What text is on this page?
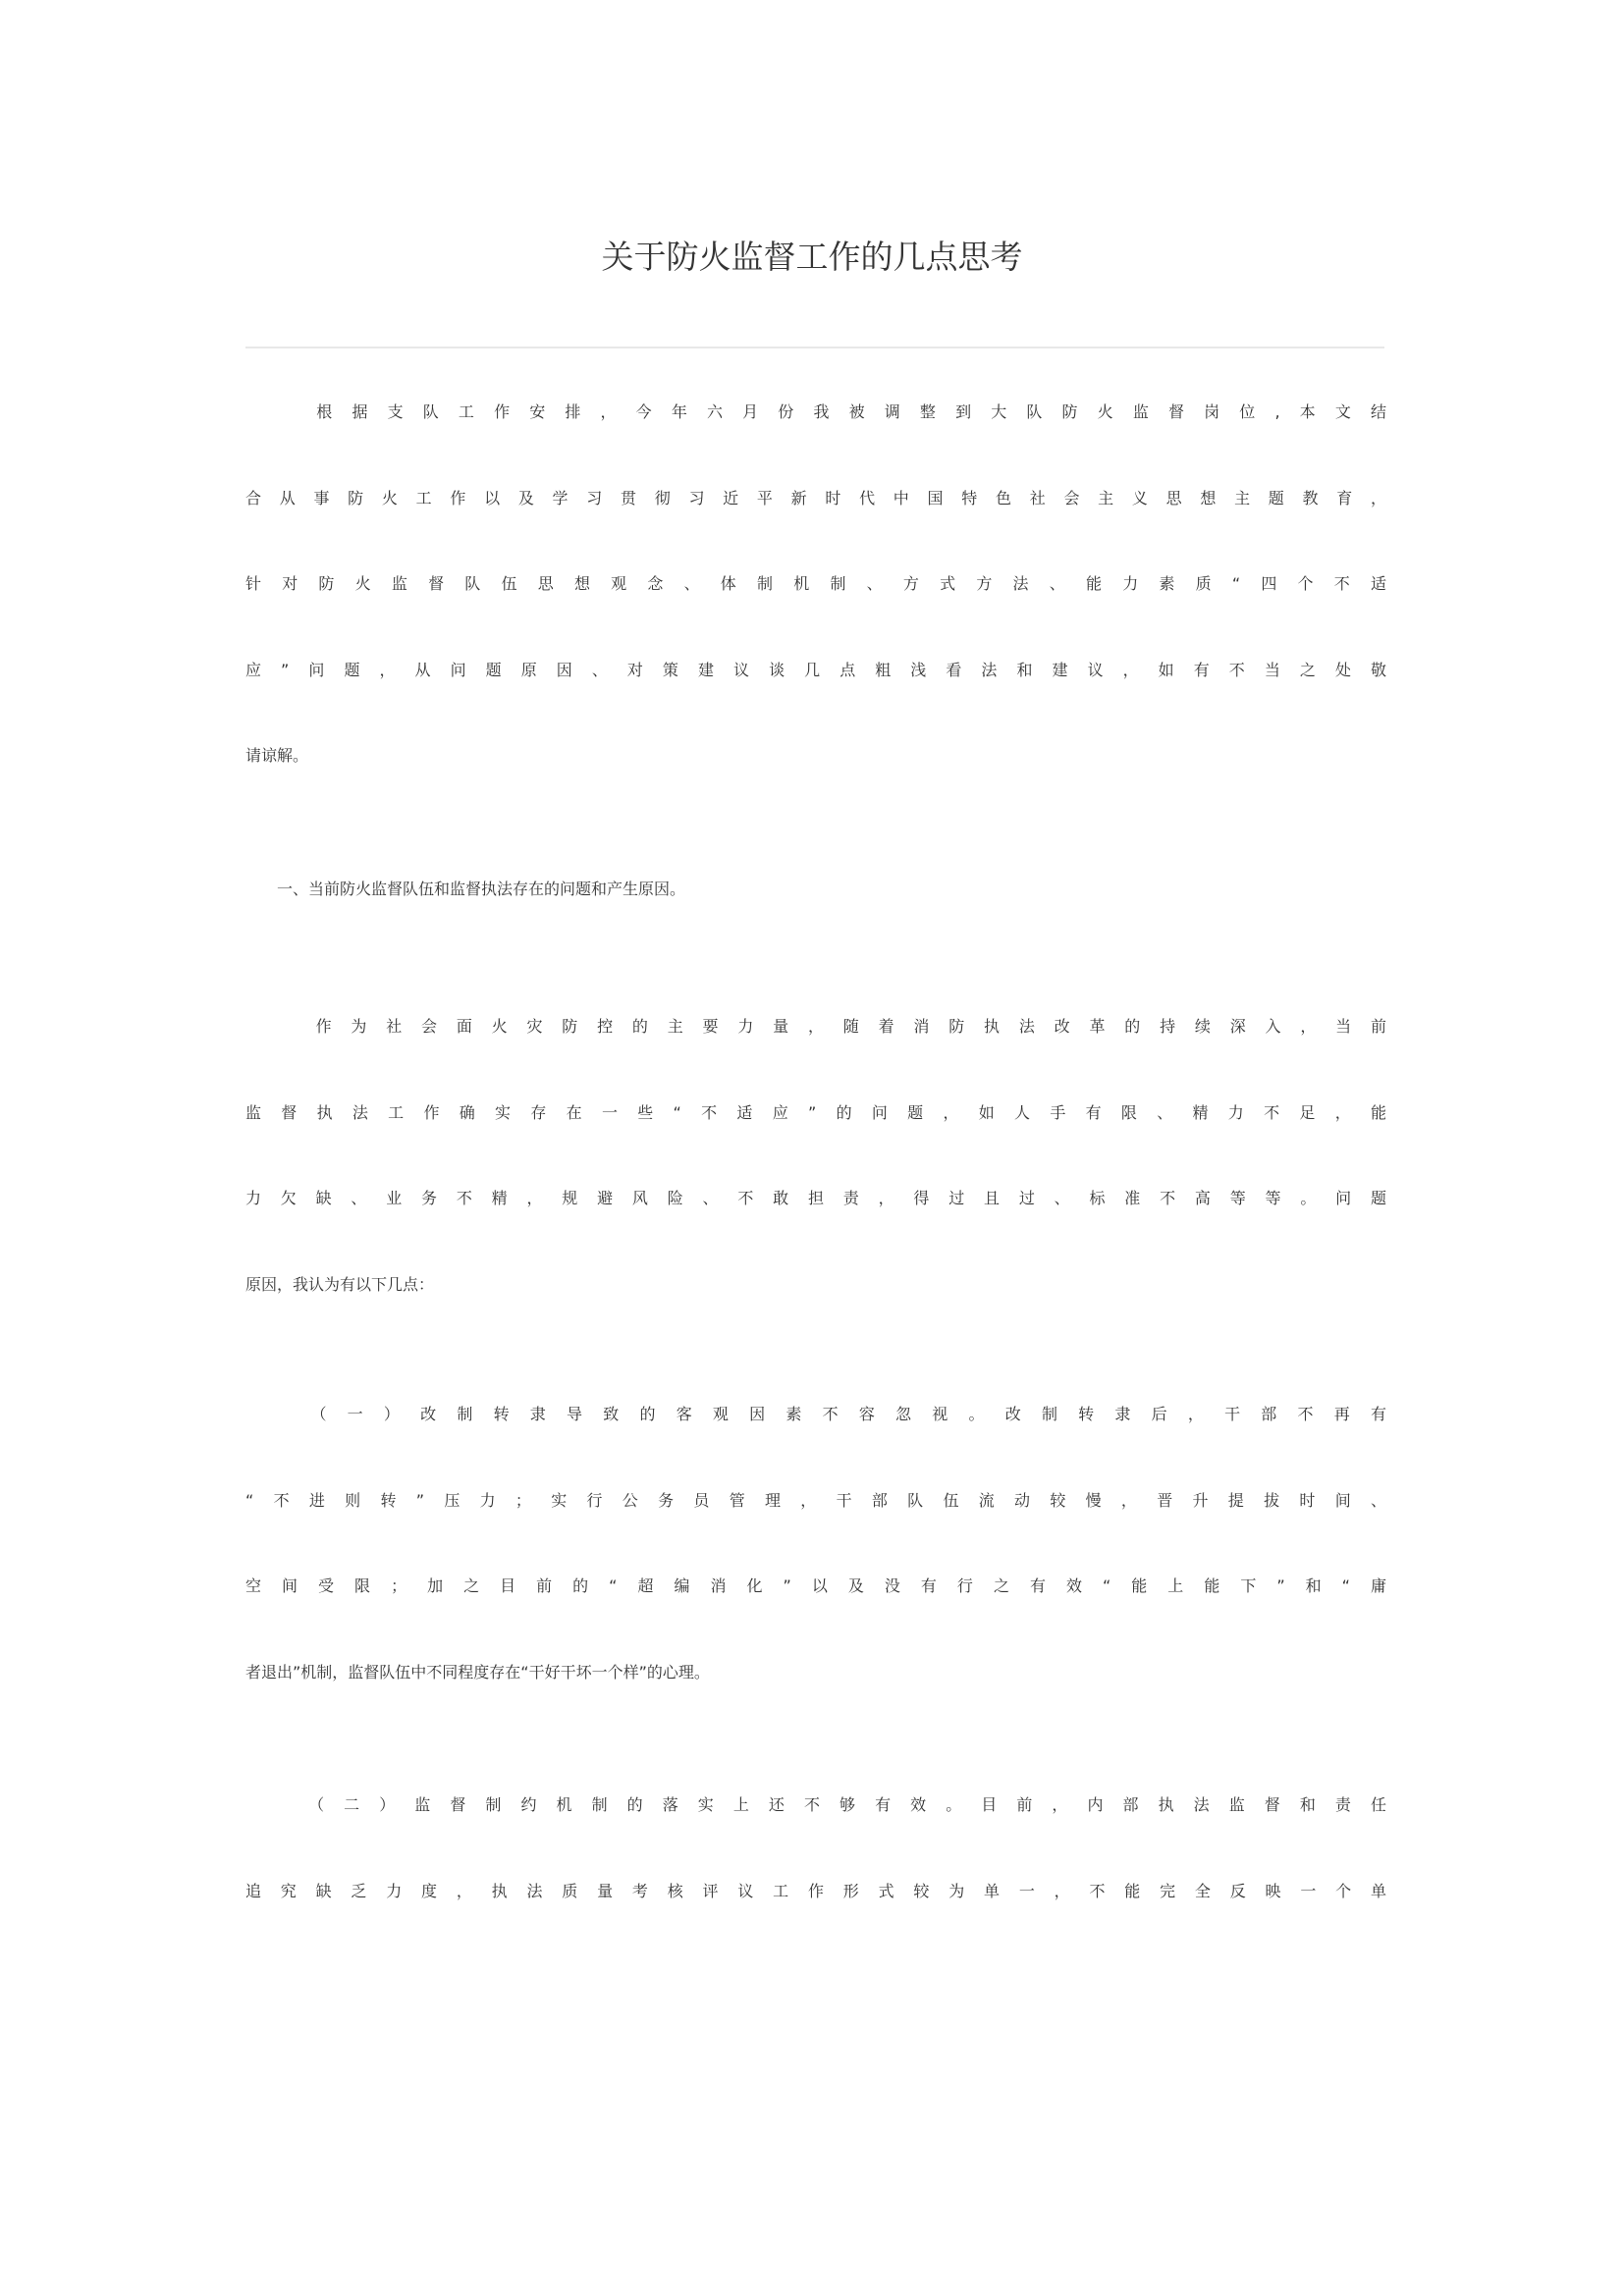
关于防火监督工作的几点思考
　　根据支队工作安排，今年六月份我被调整到大队防火监督岗位,本文结
合从事防火工作以及学习贯彻习近平新时代中国特色社会主义思想主题教育，
针对防火监督队伍思想观念、体制机制、方式方法、能力素质“四个不适
应”问题，从问题原因、对策建议谈几点粗浅看法和建议，如有不当之处敬
请谅解。
　　一、当前防火监督队伍和监督执法存在的问题和产生原因。
　　作为社会面火灾防控的主要力量，随着消防执法改革的持续深入，当前
监督执法工作确实存在一些“不适应”的问题，如人手有限、精力不足，能
力欠缺、业务不精，规避风险、不敢担责，得过且过、标准不高等等。问题
原因，我认为有以下几点：
　　（一）改制转隶导致的客观因素不容忽视。改制转隶后，干部不再有
“不进则转”压力；实行公务员管理，干部队伍流动较慢，晋升提拔时间、
空间受限；加之目前的“超编消化”以及没有行之有效“能上能下”和“庸
者退出”机制，监督队伍中不同程度存在“干好干坏一个样”的心理。
　　（二）监督制约机制的落实上还不够有效。目前，内部执法监督和责任
追究缺乏力度，执法质量考核评议工作形式较为单一，不能完全反映一个单
